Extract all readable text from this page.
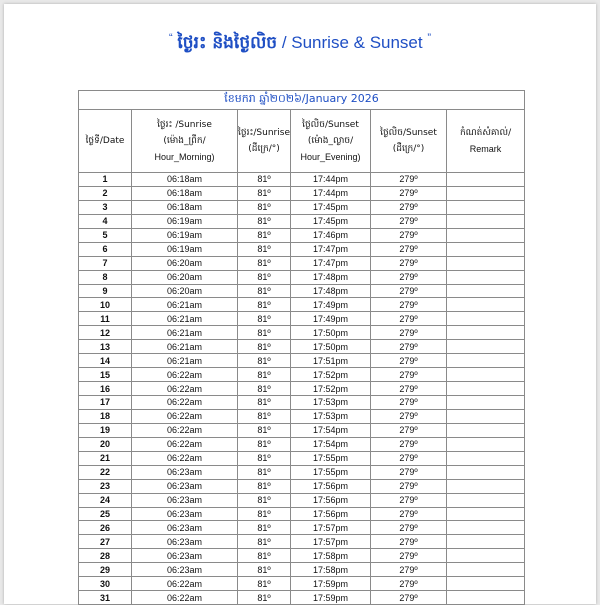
“ ថ្ងៃរះ និងថ្ងៃលិច / Sunrise & Sunset ”
ខែមករា ឆ្នាំ២០២៦/January 2026					

ថ្ងៃទី/Date	ថ្ងៃរះ /Sunrise
(ម៉ោង_ព្រឹក/
Hour_Morning)	ថ្ងៃរះ/Sunrise
(ដឺក្រេ/°)	ថ្ងៃលិច/Sunset
(ម៉ោង_ល្ងាច/
Hour_Evening)	ថ្ងៃលិច/Sunset
(ដឺក្រេ/°)	កំណត់សំគាល់/
Remark

1	06:18am	81º	17:44pm	279º	
2	06:18am	81º	17:44pm	279º	
3	06:18am	81º	17:45pm	279º	
4	06:19am	81º	17:45pm	279º	
5	06:19am	81º	17:46pm	279º	
6	06:19am	81º	17:47pm	279º	
7	06:20am	81º	17:47pm	279º	
8	06:20am	81º	17:48pm	279º	
9	06:20am	81º	17:48pm	279º	
10	06:21am	81º	17:49pm	279º	
11	06:21am	81º	17:49pm	279º	
12	06:21am	81º	17:50pm	279º	
13	06:21am	81º	17:50pm	279º	
14	06:21am	81º	17:51pm	279º	
15	06:22am	81º	17:52pm	279º	
16	06:22am	81º	17:52pm	279º	
17	06:22am	81º	17:53pm	279º	
18	06:22am	81º	17:53pm	279º	
19	06:22am	81º	17:54pm	279º	
20	06:22am	81º	17:54pm	279º	
21	06:22am	81º	17:55pm	279º	
22	06:23am	81º	17:55pm	279º	
23	06:23am	81º	17:56pm	279º	
24	06:23am	81º	17:56pm	279º	
25	06:23am	81º	17:56pm	279º	
26	06:23am	81º	17:57pm	279º	
27	06:23am	81º	17:57pm	279º	
28	06:23am	81º	17:58pm	279º	
29	06:23am	81º	17:58pm	279º	
30	06:22am	81º	17:59pm	279º	
31	06:22am	81º	17:59pm	279º	
